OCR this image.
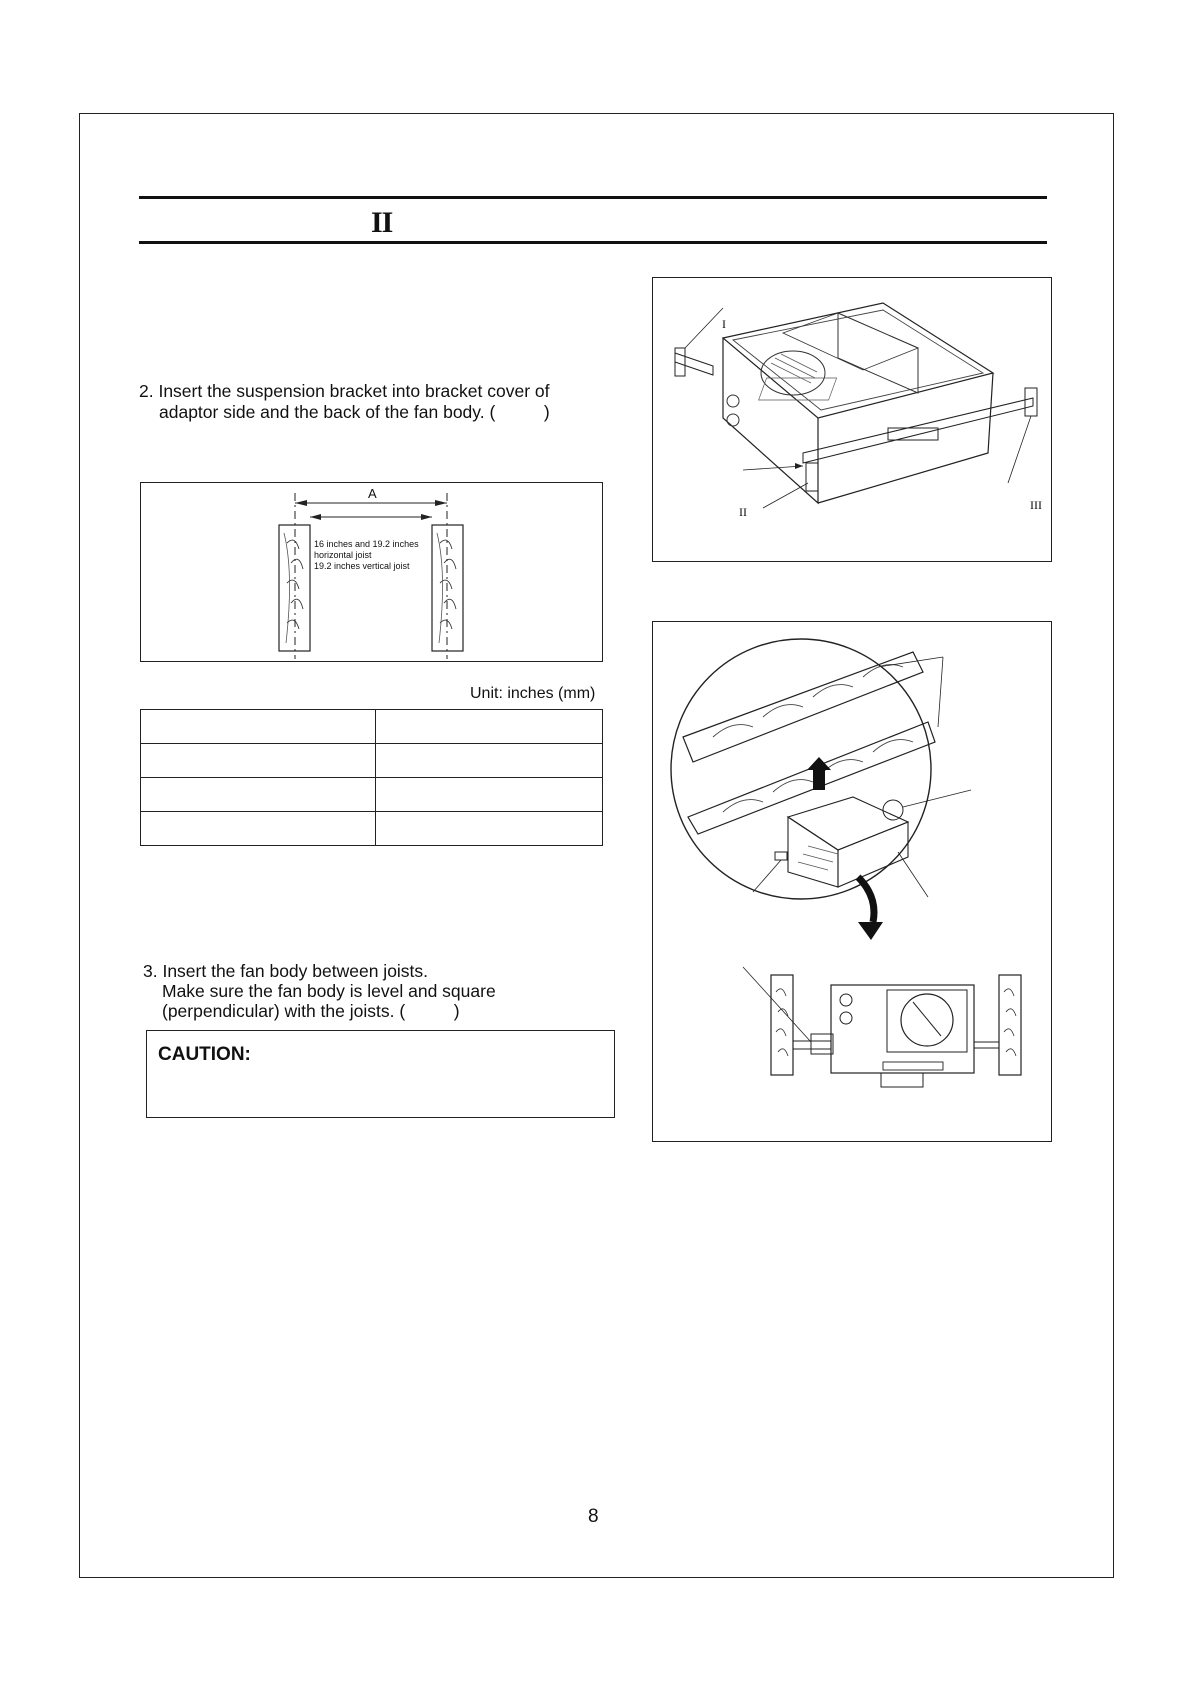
II
2. Insert the suspension bracket into bracket cover of
adaptor side and the back of the fan body. (          )
A
16 inches and 19.2 inches
horizontal joist
19.2 inches vertical joist
Unit: inches (mm)

3. Insert the fan body between joists.
Make sure the fan body is level and square
(perpendicular) with the joists. (          )
CAUTION:
I
II	III
8
